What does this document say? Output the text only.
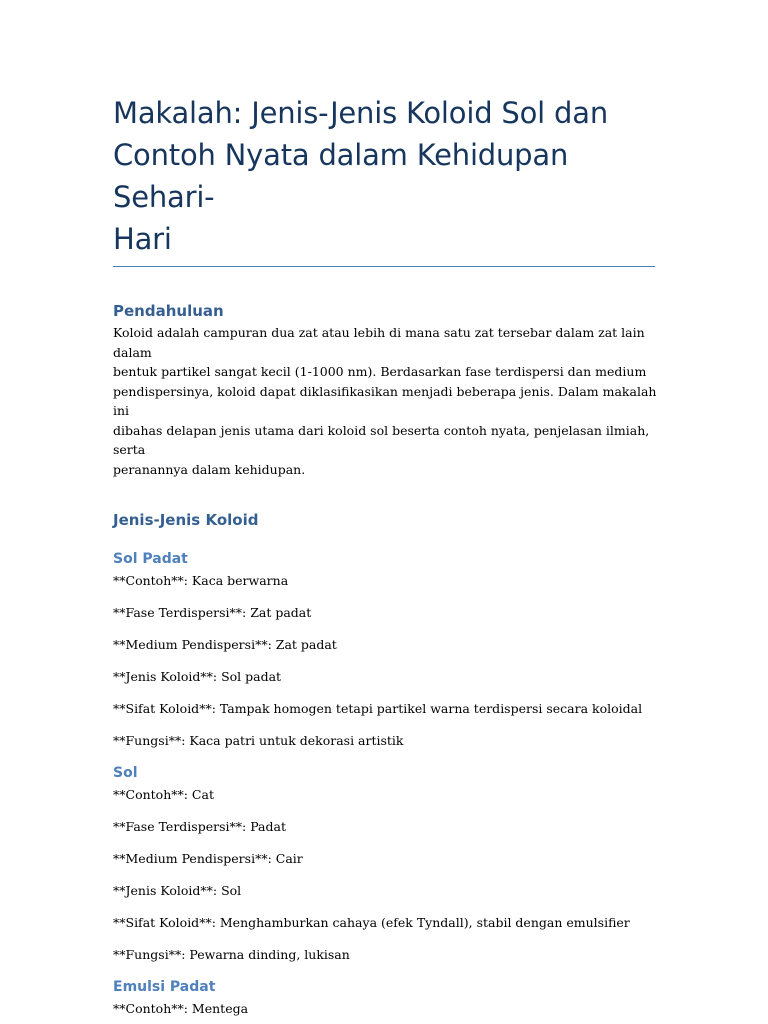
Makalah: Jenis-Jenis Koloid Sol dan
Contoh Nyata dalam Kehidupan Sehari-
Hari
Pendahuluan

Koloid adalah campuran dua zat atau lebih di mana satu zat tersebar dalam zat lain dalam
bentuk partikel sangat kecil (1-1000 nm). Berdasarkan fase terdispersi dan medium
pendispersinya, koloid dapat diklasifikasikan menjadi beberapa jenis. Dalam makalah ini
dibahas delapan jenis utama dari koloid sol beserta contoh nyata, penjelasan ilmiah, serta
peranannya dalam kehidupan.

Jenis-Jenis Koloid
Sol Padat
**Contoh**: Kaca berwarna
**Fase Terdispersi**: Zat padat
**Medium Pendispersi**: Zat padat
**Jenis Koloid**: Sol padat
**Sifat Koloid**: Tampak homogen tetapi partikel warna terdispersi secara koloidal
**Fungsi**: Kaca patri untuk dekorasi artistik
Sol
**Contoh**: Cat
**Fase Terdispersi**: Padat
**Medium Pendispersi**: Cair
**Jenis Koloid**: Sol
**Sifat Koloid**: Menghamburkan cahaya (efek Tyndall), stabil dengan emulsifier
**Fungsi**: Pewarna dinding, lukisan
Emulsi Padat
**Contoh**: Mentega
